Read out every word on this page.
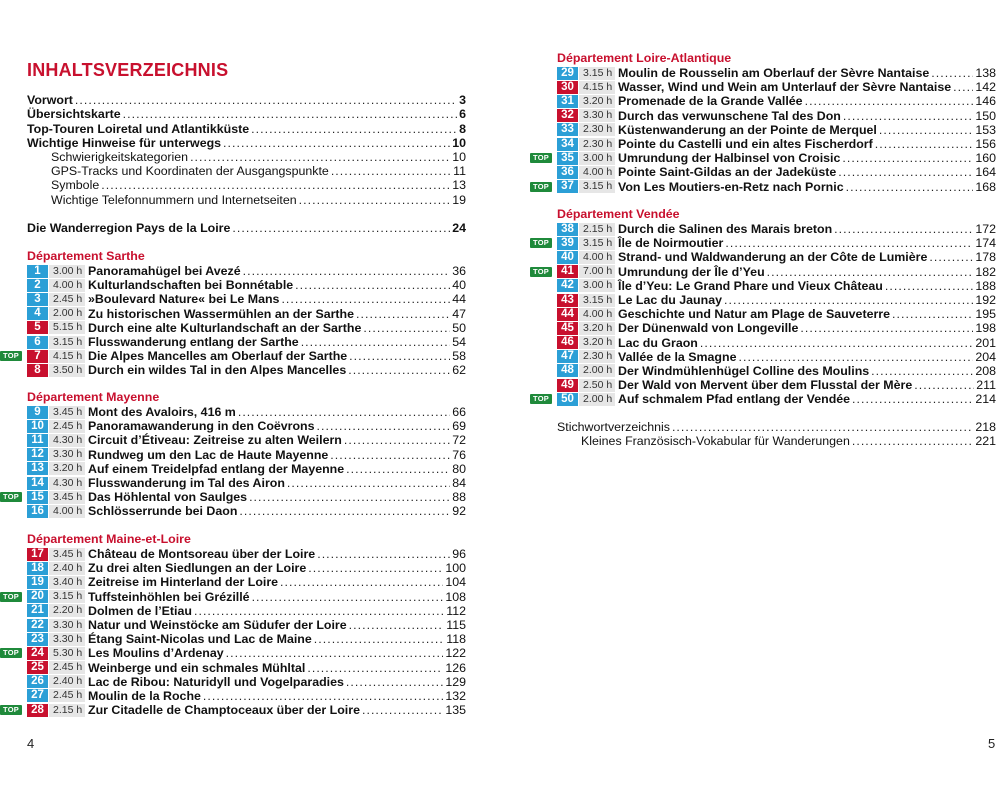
INHALTSVERZEICHNIS
Vorwort . . .	3
Übersichtskarte . . .	6
Top-Touren Loiretal und Atlantikküste . . .	8
Wichtige Hinweise für unterwegs . . .	10
Schwierigkeitskategorien . . .	10
GPS-Tracks und Koordinaten der Ausgangspunkte . . .	11
Symbole . . .	13
Wichtige Telefonnummern und Internetseiten . . .	19
Die Wanderregion Pays de la Loire . . .	24
Département Sarthe
1	3.00 h Panoramahügel bei Avezé . . .	36
2	4.00 h Kulturlandschaften bei Bonnétable . . .	40
3	2.45 h »Boulevard Nature« bei Le Mans . . .	44
4	2.00 h Zu historischen Wassermühlen an der Sarthe . . .	47
5	5.15 h Durch eine alte Kulturlandschaft an der Sarthe . . .	50
6	3.15 h Flusswanderung entlang der Sarthe . . .	54
TOP	7	4.15 h Die Alpes Mancelles am Oberlauf der Sarthe . . .	58
8	3.50 h Durch ein wildes Tal in den Alpes Mancelles . . .	62
Département Mayenne
9	3.45 h Mont des Avaloirs, 416 m . . .	66
10 2.45 h Panoramawanderung in den Coëvrons . . .	69
11 4.30 h Circuit d’Étiveau: Zeitreise zu alten Weilern . . .	72
12 3.30 h Rundweg um den Lac de Haute Mayenne . . .	76
13 3.20 h Auf einem Treidelpfad entlang der Mayenne . . .	80
14 4.30 h Flusswanderung im Tal des Airon . . .	84
TOP	15 3.45 h Das Höhlental von Saulges . . .	88
16 4.00 h Schlösserrunde bei Daon . . .	92
Département Maine-et-Loire
17 3.45 h Château de Montsoreau über der Loire . . .	96
18 2.40 h Zu drei alten Siedlungen an der Loire . . .	100
19 3.40 h Zeitreise im Hinterland der Loire . . .	104
TOP	20 3.15 h Tuffsteinhöhlen bei Grézillé . . .	108
21 2.20 h Dolmen de l’Etiau . . .	112
22 3.30 h Natur und Weinstöcke am Südufer der Loire . . .	115
23 3.30 h Étang Saint-Nicolas und Lac de Maine . . .	118
TOP	24 5.30 h Les Moulins d’Ardenay . . .	122
25 2.45 h Weinberge und ein schmales Mühltal . . .	126
26 2.40 h Lac de Ribou: Naturidyll und Vogelparadies . . .	129
27 2.45 h Moulin de la Roche . . .	132
TOP	28 2.15 h Zur Citadelle de Champtoceaux über der Loire . . .	135
4
Département Loire-Atlantique
29 3.15 h Moulin de Rousselin am Oberlauf der Sèvre Nantaise . . .	138
30 4.15 h Wasser, Wind und Wein am Unterlauf der Sèvre Nantaise . . . 142
31 3.20 h Promenade de la Grande Vallée . . .	146
32 3.30 h Durch das verwunschene Tal des Don . . .	150
33 2.30 h Küstenwanderung an der Pointe de Merquel . . .	153
34 2.30 h Pointe du Castelli und ein altes Fischerdorf . . .	156
TOP	35 3.00 h Umrundung der Halbinsel von Croisic . . .	160
36 4.00 h Pointe Saint-Gildas an der Jadeküste . . .	164
TOP	37 3.15 h Von Les Moutiers-en-Retz nach Pornic . . .	168
Département Vendée
38 2.15 h Durch die Salinen des Marais breton . . .	172
TOP	39 3.15 h Île de Noirmoutier . . .	174
40 4.00 h Strand- und Waldwanderung an der Côte de Lumière . . .	178
TOP	41 7.00 h Umrundung der Île d’Yeu . . .	182
42 3.00 h Île d’Yeu: Le Grand Phare und Vieux Château . . .	188
43 3.15 h Le Lac du Jaunay . . .	192
44 4.00 h Geschichte und Natur am Plage de Sauveterre . . .	195
45 3.20 h Der Dünenwald von Longeville . . .	198
46 3.20 h Lac du Graon . . .	201
47 2.30 h Vallée de la Smagne . . .	204
48 2.00 h Der Windmühlenhügel Colline des Moulins . . .	208
49 2.50 h Der Wald von Mervent über dem Flusstal der Mère . . .	211
TOP	50 2.00 h Auf schmalem Pfad entlang der Vendée . . .	214
Stichwortverzeichnis . . .	218
Kleines Französisch-Vokabular für Wanderungen . . .	221
5
